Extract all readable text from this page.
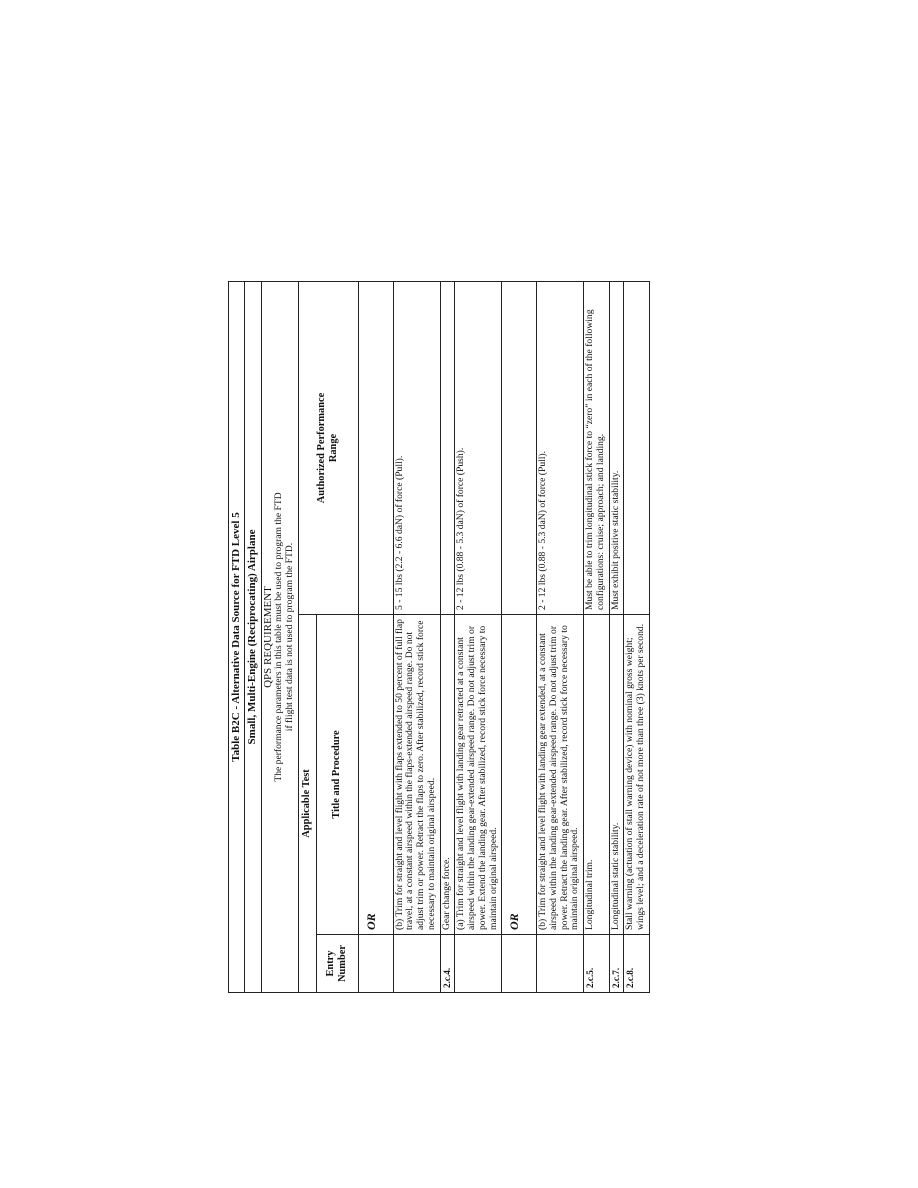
Table B2C - Alternative Data Source for FTD Level 5		
Small, Multi-Engine (Reciprocating) Airplane		

QPS REQUIREMENT The performance parameters in this table must be used to program the FTD if flight test data is not used to program the FTD.		

Applicable Test		Authorized Performance Range

Entry Number	Title and Procedure	
	OR	
	(b) Trim for straight and level flight with flaps extended to 50 percent of full flap travel, at a constant airspeed within the flaps-extended airspeed range. Do not adjust trim or power. Retract the flaps to zero. After stabilized, record stick force necessary to maintain original airspeed.	5 - 15 lbs (2.2 - 6.6 daN) of force (Pull).
2.c.4.	Gear change force.	
	(a) Trim for straight and level flight with landing gear retracted at a constant airspeed within the landing gear-extended airspeed range. Do not adjust trim or power. Extend the landing gear. After stabilized, record stick force necessary to maintain original airspeed.	2 - 12 lbs (0.88 - 5.3 daN) of force (Push).
	OR	
	(b) Trim for straight and level flight with landing gear extended, at a constant airspeed within the landing gear-extended airspeed range. Do not adjust trim or power. Retract the landing gear. After stabilized, record stick force necessary to maintain original airspeed.	2 - 12 lbs (0.88 - 5.3 daN) of force (Pull).
2.c.5.	Longitudinal trim.	Must be able to trim longitudinal stick force to “zero” in each of the following configurations: cruise; approach; and landing.
2.c.7.	Longitudinal static stability.	Must exhibit positive static stability.
2.c.8.	Stall warning (actuation of stall warning device) with nominal gross weight; wings level; and a deceleration rate of not more than three (3) knots per second.	
